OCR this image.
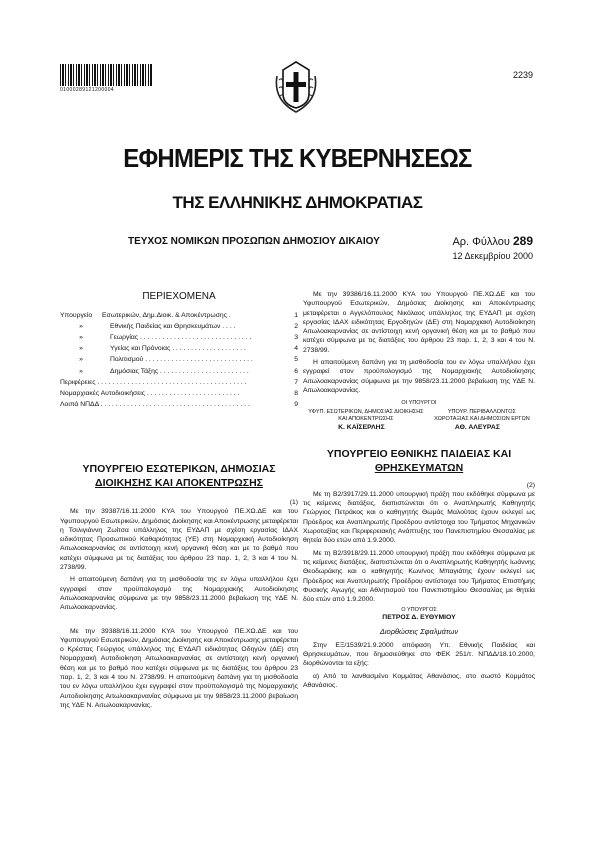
01000289121200004
2239
ΕΦΗΜΕΡΙΣ ΤΗΣ ΚΥΒΕΡΝΗΣΕΩΣ
ΤΗΣ ΕΛΛΗΝΙΚΗΣ ΔΗΜΟΚΡΑΤΙΑΣ
ΤΕΥΧΟΣ ΝΟΜΙΚΩΝ ΠΡΟΣΩΠΩΝ ΔΗΜΟΣΙΟΥ ΔΙΚΑΙΟΥ	Αρ. Φύλλου 289
12 Δεκεμβρίου 2000
ΠΕΡΙΕΧΟΜΕΝΑ
Υπουργείο	Εσωτερικών, Δημ.Διοικ. & Αποκέντρωσης .	1
»	Εθνικής Παιδείας και Θρησκευμάτων . . . .	2
»	Γεωργίας . . . . . . . . . . . . . . . . . . . . . . . . . . . . . .	3
»	Υγείας και Πρόνοιας . . . . . . . . . . . . . . . . . . . .	4
»	Πολιτισμού . . . . . . . . . . . . . . . . . . . . . . . . . . . . .	5
»	Δημόσιας Τάξης . . . . . . . . . . . . . . . . . . . . . . . .	6
Περιφέρειες . . . . . . . . . . . . . . . . . . . . . . . . . . . . . . . . . . . . . . . .	7
Νομαρχιακές Αυτοδιοικήσεις . . . . . . . . . . . . . . . . . . . . . . . . .	8
Λοιπά ΝΠΔΔ . . . . . . . . . . . . . . . . . . . . . . . . . . . . . . . . . . . . . . . .	9
ΥΠΟΥΡΓΕΙΟ ΕΣΩΤΕΡΙΚΩΝ, ΔΗΜΟΣΙΑΣ
ΔΙΟΙΚΗΣΗΣ ΚΑΙ ΑΠΟΚΕΝΤΡΩΣΗΣ
(1)

Με την 39387/16.11.2000 ΚΥΑ του Υπουργού ΠΕ.ΧΩ.ΔΕ και του Υφυπουργού Εσωτερικών, Δημόσιας Διοίκησης και Αποκέντρωσης μεταφέρεται η Τσιλιγιάννη Ζωίτσα υπάλληλος της ΕΥΔΑΠ με σχέση εργασίας ΙΔΑΧ ειδικότητας Προσωπικού Καθαριότητας (ΥΕ) στη Νομαρχιακή Αυτοδιοίκηση Αιτωλοακαρνανίας σε αντίστοιχη κενή οργανική θέση και με το βαθμό που κατέχει σύμφωνα με τις διατάξεις του άρθρου 23 παρ. 1, 2, 3 και 4 του Ν. 2738/99.

Η απαιτούμενη δαπάνη για τη μισθοδοσία της εν λόγω υπαλλήλου έχει εγγραφεί στον προϋπολογισμό της Νομαρχιακής Αυτοδιοίκησης Αιτωλοακαρνανίας σύμφωνα με την 9858/23.11.2000 βεβαίωση της ΥΔΕ Ν. Αιτωλοακαρνανίας.

Με την 39388/16.11.2000 ΚΥΑ του Υπουργού ΠΕ.ΧΩ.ΔΕ και του Υφυπουργού Εσωτερικών, Δημόσιας Διοίκησης και Αποκέντρωσης μεταφέρεται ο Κρέστας Γεώργιος υπάλληλος της ΕΥΔΑΠ ειδικότητας Οδηγών (ΔΕ) στη Νομαρχιακή Αυτοδιοίκηση Αιτωλοακαρνανίας σε αντίστοιχη κενή οργανική θέση και με το βαθμό που κατέχει σύμφωνα με τις διατάξεις του άρθρου 23 παρ. 1, 2, 3 και 4 του Ν. 2738/99. Η απαιτούμενη δαπάνη για τη μισθοδοσία του εν λόγω υπαλλήλου έχει εγγραφεί στον προϋπολογισμό της Νομαρχιακής Αυτοδιοίκησης Αιτωλοακαρνανίας σύμφωνα με την 9858/23.11.2000 βεβαίωση της ΥΔΕ Ν. Αιτωλοακαρνανίας.

Με την 39386/16.11.2000 ΚΥΑ του Υπουργού ΠΕ.ΧΩ.ΔΕ και του Υφυπουργού Εσωτερικών, Δημόσιας Διοίκησης και Αποκέντρωσης μεταφέρεται ο Αγγελόπουλος Νικόλαος υπάλληλος της ΕΥΔΑΠ με σχέση εργασίας ΙΔΑΧ ειδικότητας Εργοδηγών (ΔΕ) στη Νομαρχιακή Αυτοδιοίκηση Αιτωλοακαρνανίας σε αντίστοιχη κενή οργανική θέση και με το βαθμό που κατέχει σύμφωνα με τις διατάξεις του άρθρου 23 παρ. 1, 2, 3 και 4 του Ν. 2738/99.

Η απαιτούμενη δαπάνη για τη μισθοδοσία του εν λόγω υπαλλήλου έχει εγγραφεί στον προϋπολογισμό της Νομαρχιακής Αυτοδιοίκησης Αιτωλοακαρνανίας σύμφωνα με την 9858/23.11.2000 βεβαίωση της ΥΔΕ Ν. Αιτωλοακαρνανίας.

ΟΙ ΥΠΟΥΡΓΟΙ
ΥΦΥΠ. ΕΣΩΤΕΡΙΚΩΝ, ΔΗΜΟΣΙΑΣ ΔΙΟΙΚΗΣΗΣ
ΚΑΙ ΑΠΟΚΕΝΤΡΩΣΗΣ
ΥΠΟΥΡ. ΠΕΡΙΒΑΛΛΟΝΤΟΣ
ΧΩΡΟΤΑΞΙΑΣ ΚΑΙ ΔΗΜΟΣΙΩΝ ΕΡΓΩΝ
Κ. ΚΑΪΣΕΡΛΗΣ	ΑΘ. ΑΛΕΥΡΑΣ
ΥΠΟΥΡΓΕΙΟ ΕΘΝΙΚΗΣ ΠΑΙΔΕΙΑΣ ΚΑΙ
ΘΡΗΣΚΕΥΜΑΤΩΝ
(2)

Με τη Β2/3917/29.11.2000 υπουργική πράξη που εκδόθηκε σύμφωνα με τις κείμενες διατάξεις, διαπιστώνεται ότι ο Αναπληρωτής Καθηγητής Γεώργιος Πετράκος και ο καθηγητής Θωμάς Μαλούτας έχουν εκλεγεί ως Πρόεδρος και Αναπληρωτής Προέδρου αντίστοιχα του Τμήματος Μηχανικών Χωροταξίας και Περιφερειακής Ανάπτυξης του Πανεπιστημίου Θεσσαλίας με θητεία δύο ετών από 1.9.2000.

Με τη Β2/3918/29.11.2000 υπουργική πράξη που εκδόθηκε σύμφωνα με τις κείμενες διατάξεις, διαπιστώνεται ότι ο Αναπληρωτής Καθηγητής Ιωάννης Θεοδωράκης και ο καθηγητής Κων/νος Μπαγιάτης έχουν εκλεγεί ως Πρόεδρος και Αναπληρωτής Προέδρου αντίστοιχα του Τμήματος Επιστήμης Φυσικής Αγωγής και Αθλητισμού του Πανεπιστημίου Θεσσαλίας με θητεία δύο ετών από 1.9.2000.

Ο ΥΠΟΥΡΓΟΣ
ΠΕΤΡΟΣ Δ. ΕΥΘΥΜΙΟΥ
Διορθώσεις Σφαλμάτων

Στην ΕΞ/1539/21.9.2000 απόφαση Υπ. Εθνικής Παιδείας και Θρησκευμάτων, που δημοσιεύθηκε στο ΦΕΚ 251/τ. ΝΠΔΔ/18.10.2000, διορθώνονται τα εξής:

α) Από το λανθασμένο Κομμάτας Αθανάσιος, στο σωστό Κομμάτος Αθανάσιος.
